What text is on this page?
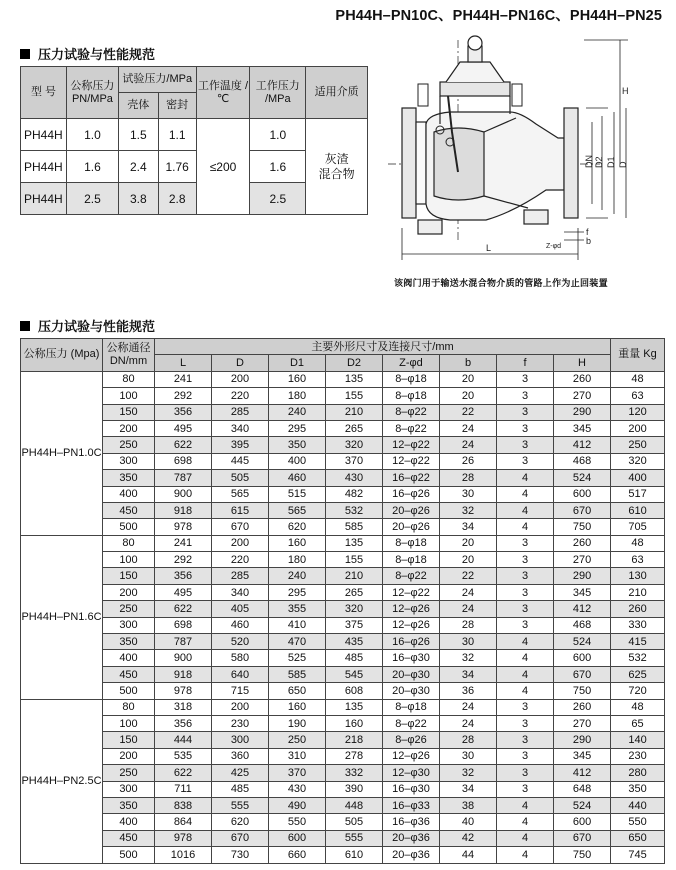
PH44H–PN10C、PH44H–PN16C、PH44H–PN25
压力试验与性能规范
型 号	公称压力 PN/MPa	试验压力/MPa		工作温度 /℃	工作压力 /MPa	适用介质
		壳体	密封			
PH44H	1.0	1.5	1.1	≤200	1.0	灰渣 混合物
PH44H	1.6	2.4	1.76		1.6	
PH44H	2.5	3.8	2.8		2.5	
H
DN D2 D1 D
L
f
b
Z-φd
该阀门用于输送水混合物介质的管路上作为止回装置
压力试验与性能规范
公称压力 (Mpa)	公称通径 DN/mm	主要外形尺寸及连接尺寸/mm								重量 Kg
		L	D	D1	D2	Z-φd	b	f	H	
PH44H–PN1.0C	80	241	200	160	135	8–φ18	20	3	260	48
	100	292	220	180	155	8–φ18	20	3	270	63
	150	356	285	240	210	8–φ22	22	3	290	120
	200	495	340	295	265	8–φ22	24	3	345	200
	250	622	395	350	320	12–φ22	24	3	412	250
	300	698	445	400	370	12–φ22	26	3	468	320
	350	787	505	460	430	16–φ22	28	4	524	400
	400	900	565	515	482	16–φ26	30	4	600	517
	450	918	615	565	532	20–φ26	32	4	670	610
	500	978	670	620	585	20–φ26	34	4	750	705
PH44H–PN1.6C	80	241	200	160	135	8–φ18	20	3	260	48
	100	292	220	180	155	8–φ18	20	3	270	63
	150	356	285	240	210	8–φ22	22	3	290	130
	200	495	340	295	265	12–φ22	24	3	345	210
	250	622	405	355	320	12–φ26	24	3	412	260
	300	698	460	410	375	12–φ26	28	3	468	330
	350	787	520	470	435	16–φ26	30	4	524	415
	400	900	580	525	485	16–φ30	32	4	600	532
	450	918	640	585	545	20–φ30	34	4	670	625
	500	978	715	650	608	20–φ30	36	4	750	720
PH44H–PN2.5C	80	318	200	160	135	8–φ18	24	3	260	48
	100	356	230	190	160	8–φ22	24	3	270	65
	150	444	300	250	218	8–φ26	28	3	290	140
	200	535	360	310	278	12–φ26	30	3	345	230
	250	622	425	370	332	12–φ30	32	3	412	280
	300	711	485	430	390	16–φ30	34	3	648	350
	350	838	555	490	448	16–φ33	38	4	524	440
	400	864	620	550	505	16–φ36	40	4	600	550
	450	978	670	600	555	20–φ36	42	4	670	650
	500	1016	730	660	610	20–φ36	44	4	750	745
